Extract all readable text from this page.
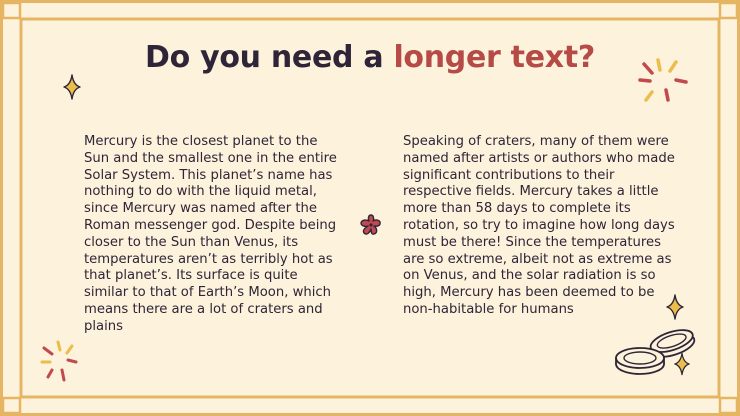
Do you need a longer text?

Mercury is the closest planet to the Sun and the smallest one in the entire Solar System. This planet’s name has nothing to do with the liquid metal, since Mercury was named after the Roman messenger god. Despite being closer to the Sun than Venus, its temperatures aren’t as terribly hot as that planet’s. Its surface is quite similar to that of Earth’s Moon, which means there are a lot of craters and plains

Speaking of craters, many of them were named after artists or authors who made significant contributions to their respective fields. Mercury takes a little more than 58 days to complete its rotation, so try to imagine how long days must be there! Since the temperatures are so extreme, albeit not as extreme as on Venus, and the solar radiation is so high, Mercury has been deemed to be non-habitable for humans
